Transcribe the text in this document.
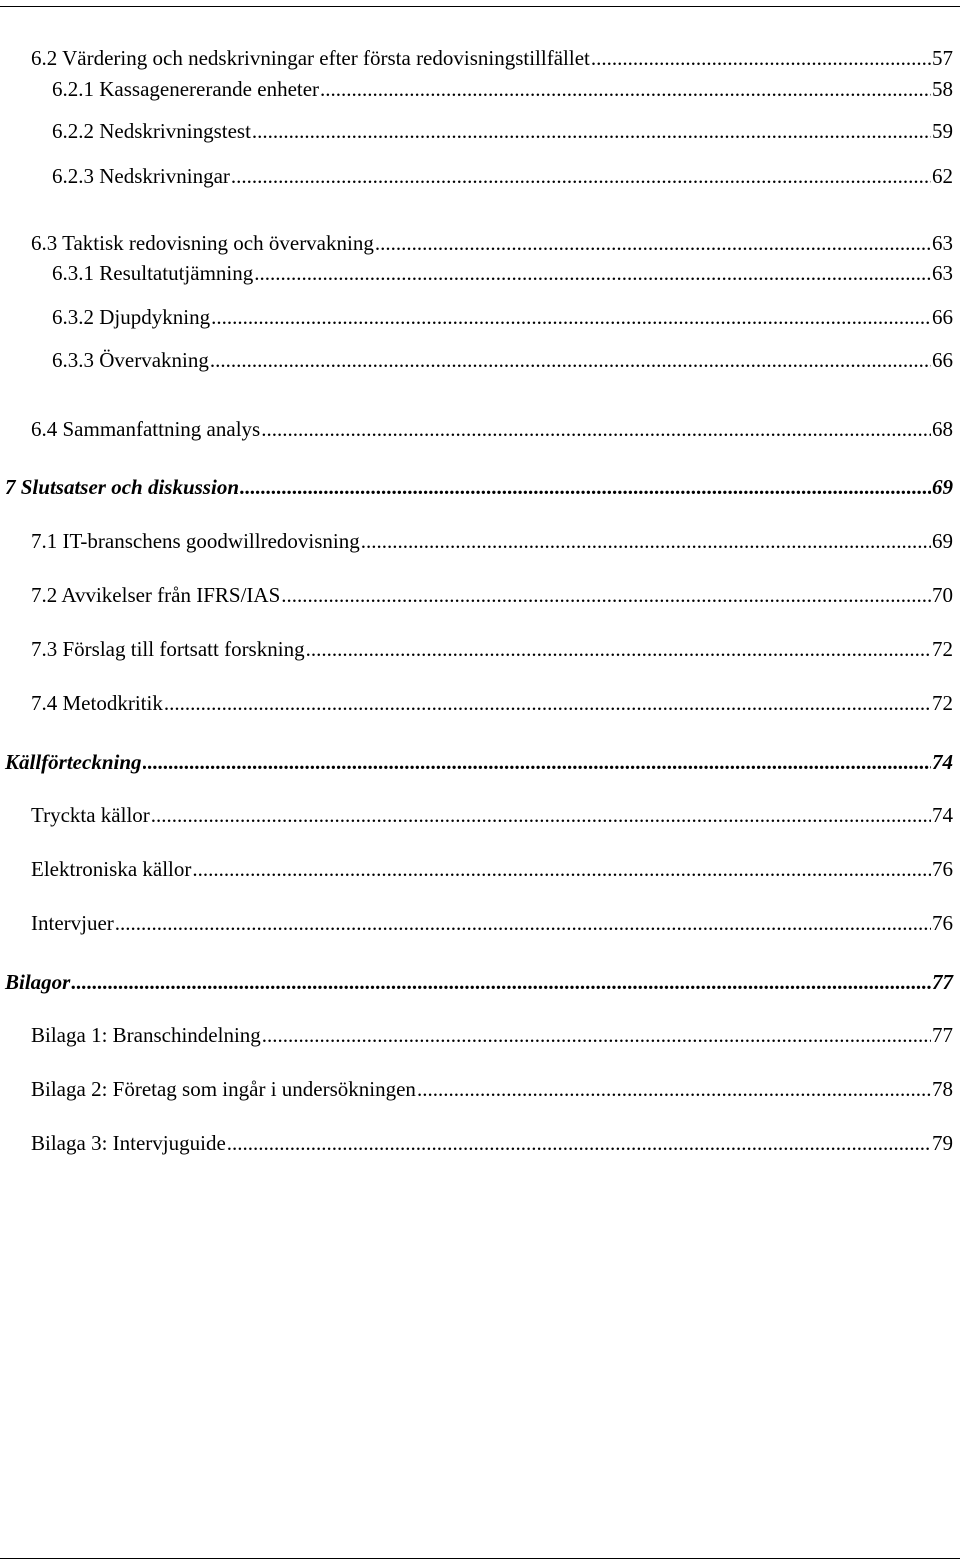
6.2 Värdering och nedskrivningar efter första redovisningstillfället .....	57
6.2.1 Kassagenererande enheter .....	58
6.2.2 Nedskrivningstest .....	59
6.2.3 Nedskrivningar .....	62
6.3 Taktisk redovisning och övervakning .....	63
6.3.1 Resultatutjämning .....	63
6.3.2 Djupdykning .....	66
6.3.3 Övervakning .....	66
6.4 Sammanfattning analys .....	68
7 Slutsatser och diskussion .....	69
7.1 IT-branschens goodwillredovisning .....	69
7.2 Avvikelser från IFRS/IAS .....	70
7.3 Förslag till fortsatt forskning .....	72
7.4 Metodkritik .....	72
Källförteckning .....	74
Tryckta källor .....	74
Elektroniska källor .....	76
Intervjuer .....	76
Bilagor .....	77
Bilaga 1: Branschindelning .....	77
Bilaga 2: Företag som ingår i undersökningen .....	78
Bilaga 3: Intervjuguide .....	79
